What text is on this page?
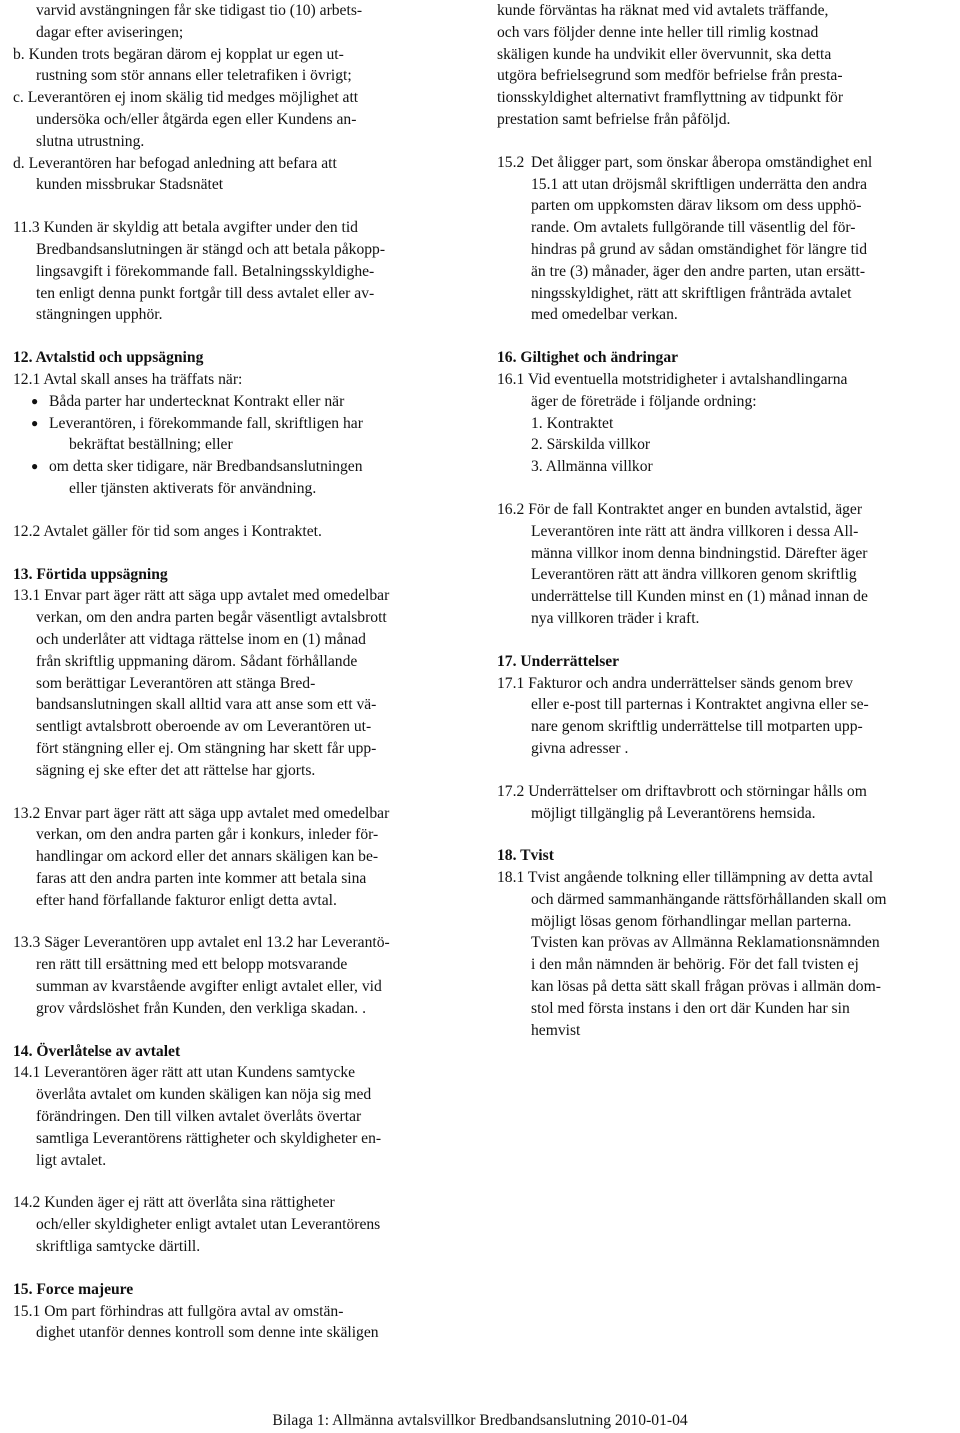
varvid avstängningen får ske tidigast tio (10) arbets-

dagar efter aviseringen;

b. Kunden trots begäran därom ej kopplat ur egen ut-

rustning som stör annans eller teletrafiken i övrigt;

c. Leverantören ej inom skälig tid medges möjlighet att

undersöka och/eller åtgärda egen eller Kundens an-

slutna utrustning.

d. Leverantören har befogad anledning att befara att

kunden missbrukar Stadsnätet

11.3 Kunden är skyldig att betala avgifter under den tid

Bredbandsanslutningen är stängd och att betala påkopp-

lingsavgift i förekommande fall. Betalningsskyldighe-

ten enligt denna punkt fortgår till dess avtalet eller av-

stängningen upphör.

12. Avtalstid och uppsägning

12.1 Avtal skall anses ha träffats när:

● Båda parter har undertecknat Kontrakt eller när
● Leverantören, i förekommande fall, skriftligen har

bekräftat beställning; eller

● om detta sker tidigare, när Bredbandsanslutningen

eller tjänsten aktiverats för användning.

12.2 Avtalet gäller för tid som anges i Kontraktet.

13. Förtida uppsägning

13.1 Envar part äger rätt att säga upp avtalet med omedelbar

verkan, om den andra parten begår väsentligt avtalsbrott

och underlåter att vidtaga rättelse inom en (1) månad

från skriftlig uppmaning därom. Sådant förhållande

som berättigar Leverantören att stänga Bred-

bandsanslutningen skall alltid vara att anse som ett vä-

sentligt avtalsbrott oberoende av om Leverantören ut-

fört stängning eller ej. Om stängning har skett får upp-

sägning ej ske efter det att rättelse har gjorts.

13.2 Envar part äger rätt att säga upp avtalet med omedelbar

verkan, om den andra parten går i konkurs, inleder för-

handlingar om ackord eller det annars skäligen kan be-

faras att den andra parten inte kommer att betala sina

efter hand förfallande fakturor enligt detta avtal.

13.3 Säger Leverantören upp avtalet enl 13.2 har Leverantö-

ren rätt till ersättning med ett belopp motsvarande

summan av kvarstående avgifter enligt avtalet eller, vid

grov vårdslöshet från Kunden, den verkliga skadan. .

14. Överlåtelse av avtalet

14.1 Leverantören äger rätt att utan Kundens samtycke

överlåta avtalet om kunden skäligen kan nöja sig med

förändringen. Den till vilken avtalet överlåts övertar

samtliga Leverantörens rättigheter och skyldigheter en-

ligt avtalet.

14.2 Kunden äger ej rätt att överlåta sina rättigheter

och/eller skyldigheter enligt avtalet utan Leverantörens

skriftliga samtycke därtill.

15. Force majeure

15.1 Om part förhindras att fullgöra avtal av omstän-

dighet utanför dennes kontroll som denne inte skäligen

kunde förväntas ha räknat med vid avtalets träffande,

och vars följder denne inte heller till rimlig kostnad

skäligen kunde ha undvikit eller övervunnit, ska detta

utgöra befrielsegrund som medför befrielse från presta-

tionsskyldighet alternativt framflyttning av tidpunkt för

prestation samt befrielse från påföljd.

15.2 Det åligger part, som önskar åberopa omständighet enl

15.1 att utan dröjsmål skriftligen underrätta den andra

parten om uppkomsten därav liksom om dess upphö-

rande. Om avtalets fullgörande till väsentlig del för-

hindras på grund av sådan omständighet för längre tid

än tre (3) månader, äger den andre parten, utan ersätt-

ningsskyldighet, rätt att skriftligen frånträda avtalet

med omedelbar verkan.

16. Giltighet och ändringar

16.1 Vid eventuella motstridigheter i avtalshandlingarna

äger de företräde i följande ordning:

1. Kontraktet

2. Särskilda villkor

3. Allmänna villkor

16.2 För de fall Kontraktet anger en bunden avtalstid, äger

Leverantören inte rätt att ändra villkoren i dessa All-

männa villkor inom denna bindningstid. Därefter äger

Leverantören rätt att ändra villkoren genom skriftlig

underrättelse till Kunden minst en (1) månad innan de

nya villkoren träder i kraft.

17. Underrättelser

17.1 Fakturor och andra underrättelser sänds genom brev

eller e-post till parternas i Kontraktet angivna eller se-

nare genom skriftlig underrättelse till motparten upp-

givna adresser .

17.2 Underrättelser om driftavbrott och störningar hålls om

möjligt tillgänglig på Leverantörens hemsida.

18. Tvist

18.1 Tvist angående tolkning eller tillämpning av detta avtal

och därmed sammanhängande rättsförhållanden skall om

möjligt lösas genom förhandlingar mellan parterna.

Tvisten kan prövas av Allmänna Reklamationsnämnden

i den mån nämnden är behörig. För det fall tvisten ej

kan lösas på detta sätt skall frågan prövas i allmän dom-

stol med första instans i den ort där Kunden har sin

hemvist

Bilaga 1: Allmänna avtalsvillkor Bredbandsanslutning 2010-01-04
